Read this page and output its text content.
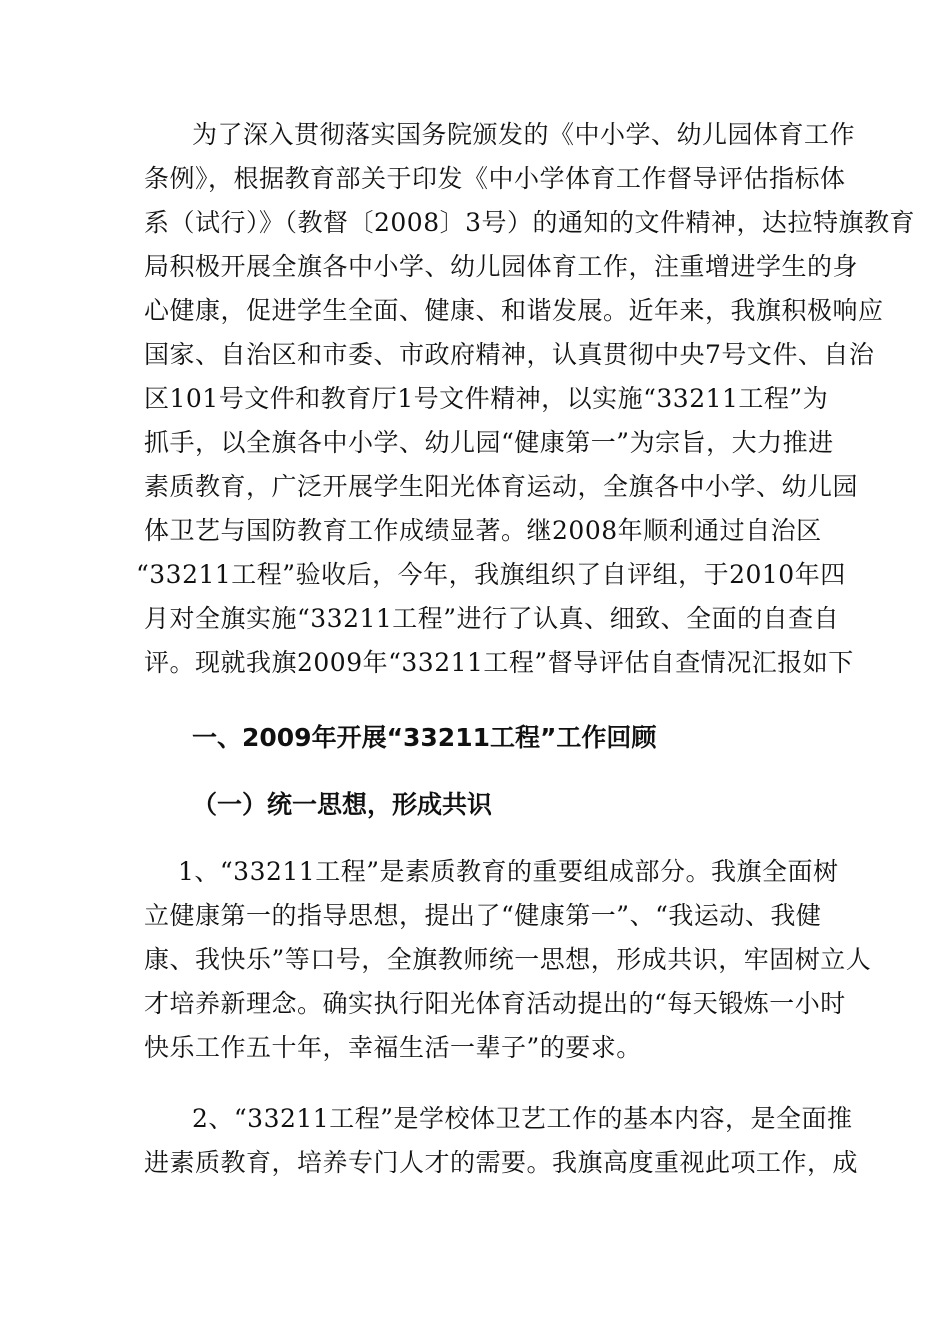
为了深入贯彻落实国务院颁发的《中小学、幼儿园体育工作
条例》，根据教育部关于印发《中小学体育工作督导评估指标体
系（试行）》（教督〔2008〕3号）的通知的文件精神，达拉特旗教育
局积极开展全旗各中小学、幼儿园体育工作，注重增进学生的身
心健康，促进学生全面、健康、和谐发展。近年来，我旗积极响应
国家、自治区和市委、市政府精神，认真贯彻中央7号文件、自治
区101号文件和教育厅1号文件精神，以实施“33211工程”为
抓手，以全旗各中小学、幼儿园“健康第一”为宗旨，大力推进
素质教育，广泛开展学生阳光体育运动，全旗各中小学、幼儿园
体卫艺与国防教育工作成绩显著。继2008年顺利通过自治区
“33211工程”验收后，今年，我旗组织了自评组，于2010年四
月对全旗实施“33211工程”进行了认真、细致、全面的自查自
评。现就我旗2009年“33211工程”督导评估自查情况汇报如下
一、2009年开展“33211工程”工作回顾
（一）统一思想，形成共识
1、“33211工程”是素质教育的重要组成部分。我旗全面树
立健康第一的指导思想，提出了“健康第一”、“我运动、我健
康、我快乐”等口号，全旗教师统一思想，形成共识，牢固树立人
才培养新理念。确实执行阳光体育活动提出的“每天锻炼一小时
快乐工作五十年，幸福生活一辈子”的要求。
2、“33211工程”是学校体卫艺工作的基本内容，是全面推
进素质教育，培养专门人才的需要。我旗高度重视此项工作，成
